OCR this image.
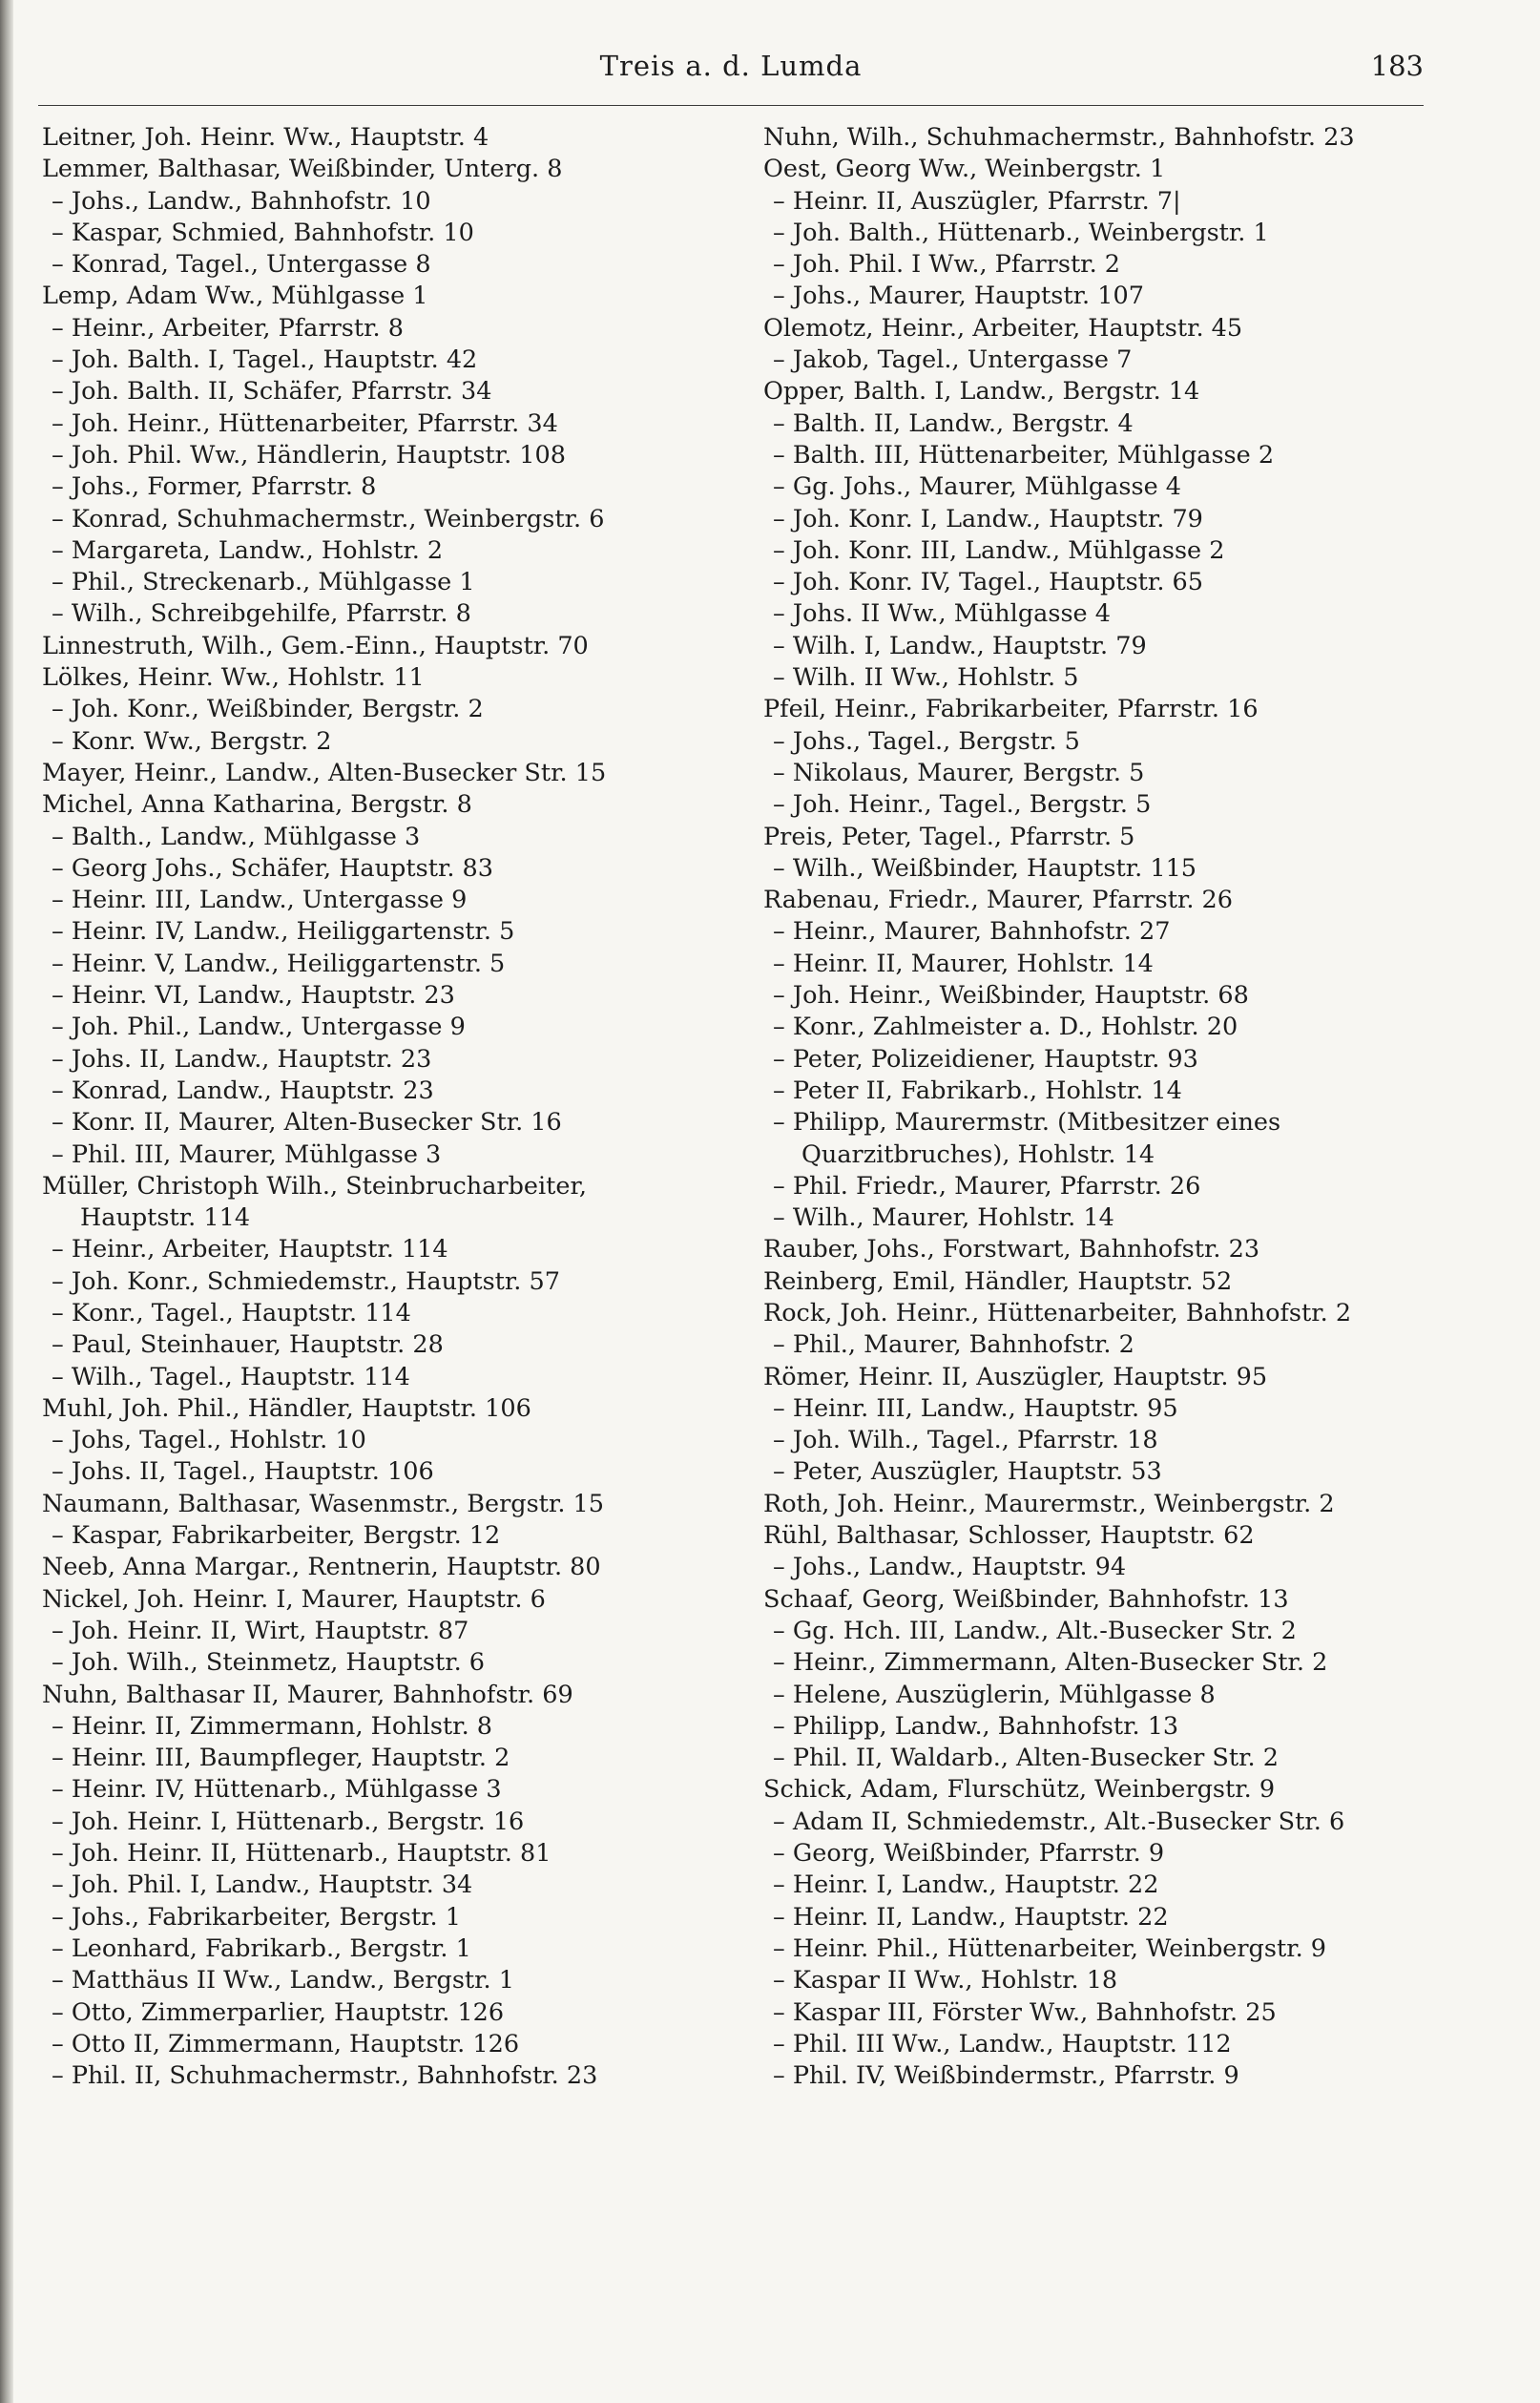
Treis a. d. Lumda	183
Leitner, Joh. Heinr. Ww., Hauptstr. 4
Lemmer, Balthasar, Weißbinder, Unterg. 8
– Johs., Landw., Bahnhofstr. 10
– Kaspar, Schmied, Bahnhofstr. 10
– Konrad, Tagel., Untergasse 8
Lemp, Adam Ww., Mühlgasse 1
– Heinr., Arbeiter, Pfarrstr. 8
– Joh. Balth. I, Tagel., Hauptstr. 42
– Joh. Balth. II, Schäfer, Pfarrstr. 34
– Joh. Heinr., Hüttenarbeiter, Pfarrstr. 34
– Joh. Phil. Ww., Händlerin, Hauptstr. 108
– Johs., Former, Pfarrstr. 8
– Konrad, Schuhmachermstr., Weinbergstr. 6
– Margareta, Landw., Hohlstr. 2
– Phil., Streckenarb., Mühlgasse 1
– Wilh., Schreibgehilfe, Pfarrstr. 8
Linnestruth, Wilh., Gem.-Einn., Hauptstr. 70
Lölkes, Heinr. Ww., Hohlstr. 11
– Joh. Konr., Weißbinder, Bergstr. 2
– Konr. Ww., Bergstr. 2
Mayer, Heinr., Landw., Alten-Busecker Str. 15
Michel, Anna Katharina, Bergstr. 8
– Balth., Landw., Mühlgasse 3
– Georg Johs., Schäfer, Hauptstr. 83
– Heinr. III, Landw., Untergasse 9
– Heinr. IV, Landw., Heiliggartenstr. 5
– Heinr. V, Landw., Heiliggartenstr. 5
– Heinr. VI, Landw., Hauptstr. 23
– Joh. Phil., Landw., Untergasse 9
– Johs. II, Landw., Hauptstr. 23
– Konrad, Landw., Hauptstr. 23
– Konr. II, Maurer, Alten-Busecker Str. 16
– Phil. III, Maurer, Mühlgasse 3
Müller, Christoph Wilh., Steinbrucharbeiter,
Hauptstr. 114
– Heinr., Arbeiter, Hauptstr. 114
– Joh. Konr., Schmiedemstr., Hauptstr. 57
– Konr., Tagel., Hauptstr. 114
– Paul, Steinhauer, Hauptstr. 28
– Wilh., Tagel., Hauptstr. 114
Muhl, Joh. Phil., Händler, Hauptstr. 106
– Johs, Tagel., Hohlstr. 10
– Johs. II, Tagel., Hauptstr. 106
Naumann, Balthasar, Wasenmstr., Bergstr. 15
– Kaspar, Fabrikarbeiter, Bergstr. 12
Neeb, Anna Margar., Rentnerin, Hauptstr. 80
Nickel, Joh. Heinr. I, Maurer, Hauptstr. 6
– Joh. Heinr. II, Wirt, Hauptstr. 87
– Joh. Wilh., Steinmetz, Hauptstr. 6
Nuhn, Balthasar II, Maurer, Bahnhofstr. 69
– Heinr. II, Zimmermann, Hohlstr. 8
– Heinr. III, Baumpfleger, Hauptstr. 2
– Heinr. IV, Hüttenarb., Mühlgasse 3
– Joh. Heinr. I, Hüttenarb., Bergstr. 16
– Joh. Heinr. II, Hüttenarb., Hauptstr. 81
– Joh. Phil. I, Landw., Hauptstr. 34
– Johs., Fabrikarbeiter, Bergstr. 1
– Leonhard, Fabrikarb., Bergstr. 1
– Matthäus II Ww., Landw., Bergstr. 1
– Otto, Zimmerparlier, Hauptstr. 126
– Otto II, Zimmermann, Hauptstr. 126
– Phil. II, Schuhmachermstr., Bahnhofstr. 23
Nuhn, Wilh., Schuhmachermstr., Bahnhofstr. 23
Oest, Georg Ww., Weinbergstr. 1
– Heinr. II, Auszügler, Pfarrstr. 7|
– Joh. Balth., Hüttenarb., Weinbergstr. 1
– Joh. Phil. I Ww., Pfarrstr. 2
– Johs., Maurer, Hauptstr. 107
Olemotz, Heinr., Arbeiter, Hauptstr. 45
– Jakob, Tagel., Untergasse 7
Opper, Balth. I, Landw., Bergstr. 14
– Balth. II, Landw., Bergstr. 4
– Balth. III, Hüttenarbeiter, Mühlgasse 2
– Gg. Johs., Maurer, Mühlgasse 4
– Joh. Konr. I, Landw., Hauptstr. 79
– Joh. Konr. III, Landw., Mühlgasse 2
– Joh. Konr. IV, Tagel., Hauptstr. 65
– Johs. II Ww., Mühlgasse 4
– Wilh. I, Landw., Hauptstr. 79
– Wilh. II Ww., Hohlstr. 5
Pfeil, Heinr., Fabrikarbeiter, Pfarrstr. 16
– Johs., Tagel., Bergstr. 5
– Nikolaus, Maurer, Bergstr. 5
– Joh. Heinr., Tagel., Bergstr. 5
Preis, Peter, Tagel., Pfarrstr. 5
– Wilh., Weißbinder, Hauptstr. 115
Rabenau, Friedr., Maurer, Pfarrstr. 26
– Heinr., Maurer, Bahnhofstr. 27
– Heinr. II, Maurer, Hohlstr. 14
– Joh. Heinr., Weißbinder, Hauptstr. 68
– Konr., Zahlmeister a. D., Hohlstr. 20
– Peter, Polizeidiener, Hauptstr. 93
– Peter II, Fabrikarb., Hohlstr. 14
– Philipp, Maurermstr. (Mitbesitzer eines
Quarzitbruches), Hohlstr. 14
– Phil. Friedr., Maurer, Pfarrstr. 26
– Wilh., Maurer, Hohlstr. 14
Rauber, Johs., Forstwart, Bahnhofstr. 23
Reinberg, Emil, Händler, Hauptstr. 52
Rock, Joh. Heinr., Hüttenarbeiter, Bahnhofstr. 2
– Phil., Maurer, Bahnhofstr. 2
Römer, Heinr. II, Auszügler, Hauptstr. 95
– Heinr. III, Landw., Hauptstr. 95
– Joh. Wilh., Tagel., Pfarrstr. 18
– Peter, Auszügler, Hauptstr. 53
Roth, Joh. Heinr., Maurermstr., Weinbergstr. 2
Rühl, Balthasar, Schlosser, Hauptstr. 62
– Johs., Landw., Hauptstr. 94
Schaaf, Georg, Weißbinder, Bahnhofstr. 13
– Gg. Hch. III, Landw., Alt.-Busecker Str. 2
– Heinr., Zimmermann, Alten-Busecker Str. 2
– Helene, Auszüglerin, Mühlgasse 8
– Philipp, Landw., Bahnhofstr. 13
– Phil. II, Waldarb., Alten-Busecker Str. 2
Schick, Adam, Flurschütz, Weinbergstr. 9
– Adam II, Schmiedemstr., Alt.-Busecker Str. 6
– Georg, Weißbinder, Pfarrstr. 9
– Heinr. I, Landw., Hauptstr. 22
– Heinr. II, Landw., Hauptstr. 22
– Heinr. Phil., Hüttenarbeiter, Weinbergstr. 9
– Kaspar II Ww., Hohlstr. 18
– Kaspar III, Förster Ww., Bahnhofstr. 25
– Phil. III Ww., Landw., Hauptstr. 112
– Phil. IV, Weißbindermstr., Pfarrstr. 9
